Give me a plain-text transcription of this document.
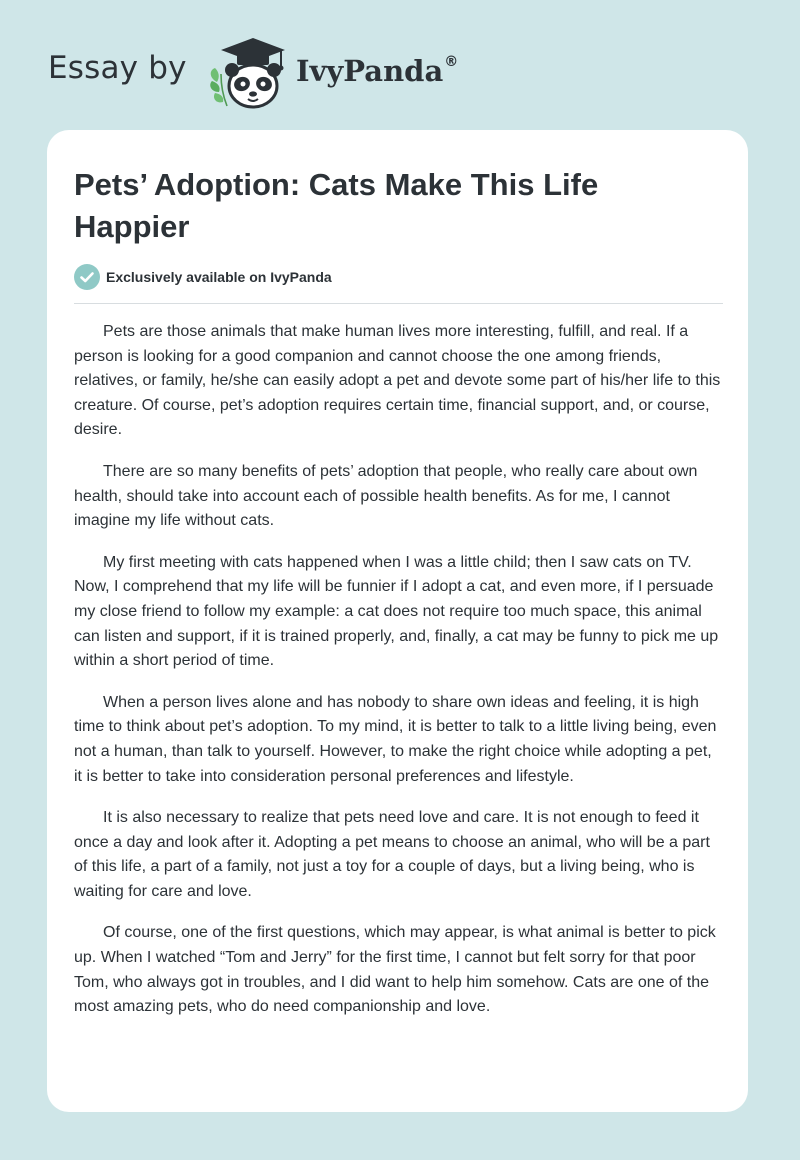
Essay by	IvyPanda®
Pets’ Adoption: Cats Make This Life Happier
Exclusively available on IvyPanda

Pets are those animals that make human lives more interesting, fulfill, and real. If a person is looking for a good companion and cannot choose the one among friends, relatives, or family, he/she can easily adopt a pet and devote some part of his/her life to this creature. Of course, pet’s adoption requires certain time, financial support, and, or course, desire.

There are so many benefits of pets’ adoption that people, who really care about own health, should take into account each of possible health benefits. As for me, I cannot imagine my life without cats.

My first meeting with cats happened when I was a little child; then I saw cats on TV. Now, I comprehend that my life will be funnier if I adopt a cat, and even more, if I persuade my close friend to follow my example: a cat does not require too much space, this animal can listen and support, if it is trained properly, and, finally, a cat may be funny to pick me up within a short period of time.

When a person lives alone and has nobody to share own ideas and feeling, it is high time to think about pet’s adoption. To my mind, it is better to talk to a little living being, even not a human, than talk to yourself. However, to make the right choice while adopting a pet, it is better to take into consideration personal preferences and lifestyle.

It is also necessary to realize that pets need love and care. It is not enough to feed it once a day and look after it. Adopting a pet means to choose an animal, who will be a part of this life, a part of a family, not just a toy for a couple of days, but a living being, who is waiting for care and love.

Of course, one of the first questions, which may appear, is what animal is better to pick up. When I watched “Tom and Jerry” for the first time, I cannot but felt sorry for that poor Tom, who always got in troubles, and I did want to help him somehow. Cats are one of the most amazing pets, who do need companionship and love.
